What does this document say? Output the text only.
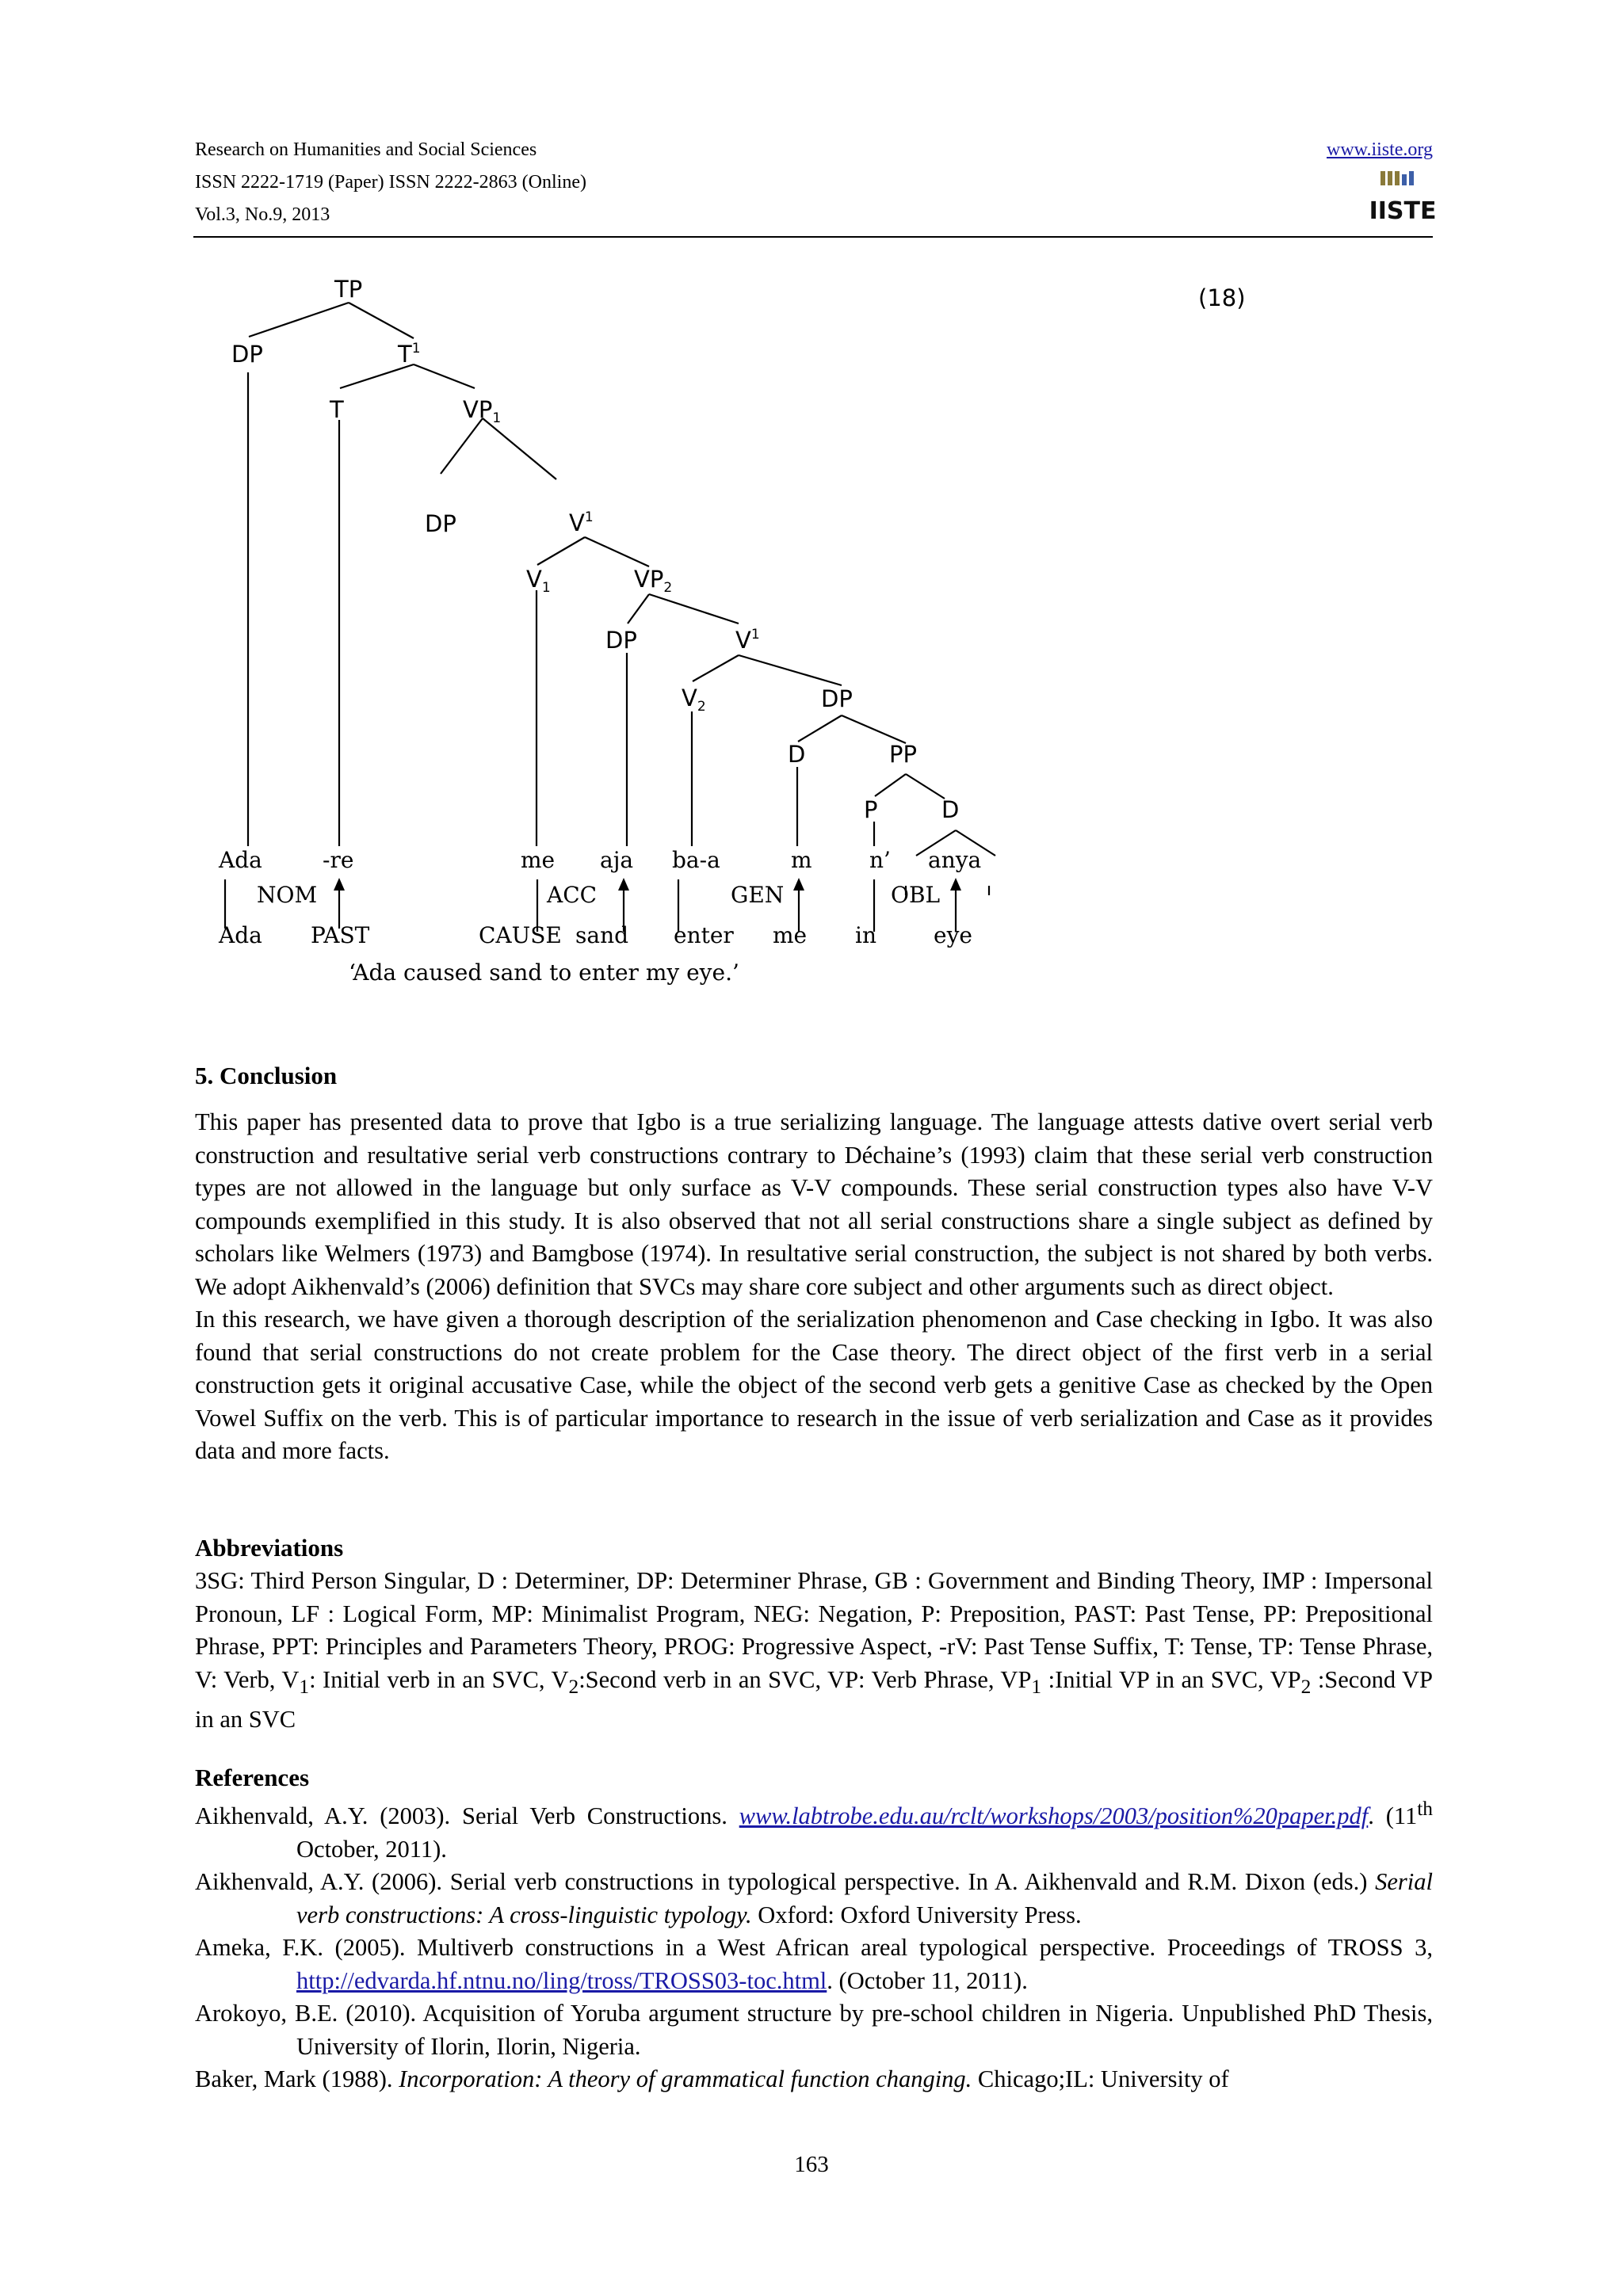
Research on Humanities and Social Sciences
ISSN 2222-1719 (Paper) ISSN 2222-2863 (Online)
Vol.3, No.9, 2013
www.iiste.org
IISTE
(18)
TP
DP	$T^1$
T	$VP_1$
DP	$V^1$
$V_1$	$VP_2$
DP	$V^1$
$V_2$	DP
D	PP
P	D
Ada	-re	me aja ba-a	m	n’ anya
NOM	ACC	GEN	OBL
Ada PAST	CAUSE sand enter me in	eye
‘Ada caused sand to enter my eye.’
5. Conclusion

This paper has presented data to prove that Igbo is a true serializing language. The language attests dative overt serial verb construction and resultative serial verb constructions contrary to Déchaine’s (1993) claim that these serial verb construction types are not allowed in the language but only surface as V-V compounds. These serial construction types also have V-V compounds exemplified in this study. It is also observed that not all serial constructions share a single subject as defined by scholars like Welmers (1973) and Bamgbose (1974). In resultative serial construction, the subject is not shared by both verbs. We adopt Aikhenvald’s (2006) definition that SVCs may share core subject and other arguments such as direct object.

In this research, we have given a thorough description of the serialization phenomenon and Case checking in Igbo. It was also found that serial constructions do not create problem for the Case theory. The direct object of the first verb in a serial construction gets it original accusative Case, while the object of the second verb gets a genitive Case as checked by the Open Vowel Suffix on the verb. This is of particular importance to research in the issue of verb serialization and Case as it provides data and more facts.

Abbreviations
3SG: Third Person Singular, D : Determiner, DP: Determiner Phrase, GB : Government and Binding Theory, IMP : Impersonal Pronoun, LF : Logical Form, MP: Minimalist Program, NEG: Negation, P: Preposition, PAST: Past Tense, PP: Prepositional Phrase, PPT: Principles and Parameters Theory, PROG: Progressive Aspect, -rV: Past Tense Suffix, T: Tense, TP: Tense Phrase, V: Verb, $V_1$: Initial verb in an SVC, $V_2:Second$ verb in an SVC, VP: Verb Phrase, $VP_1$ :Initial VP in an SVC, $VP_2$ :Second VP in an SVC
References

Aikhenvald, A.Y. (2003). Serial Verb Constructions. www.labtrobe.edu.au/rclt/workshops/2003/position%20paper.pdf. (11th October, 2011).

Aikhenvald, A.Y. (2006). Serial verb constructions in typological perspective. In A. Aikhenvald and R.M. Dixon (eds.) Serial verb constructions: A cross-linguistic typology. Oxford: Oxford University Press.

Ameka, F.K. (2005). Multiverb constructions in a West African areal typological perspective. Proceedings of TROSS 3, http://edvarda.hf.ntnu.no/ling/tross/TROSS03-toc.html. (October 11, 2011).

Arokoyo, B.E. (2010). Acquisition of Yoruba argument structure by pre-school children in Nigeria. Unpublished PhD Thesis, University of Ilorin, Ilorin, Nigeria.

Baker, Mark (1988). Incorporation: A theory of grammatical function changing. Chicago;IL: University of

163
